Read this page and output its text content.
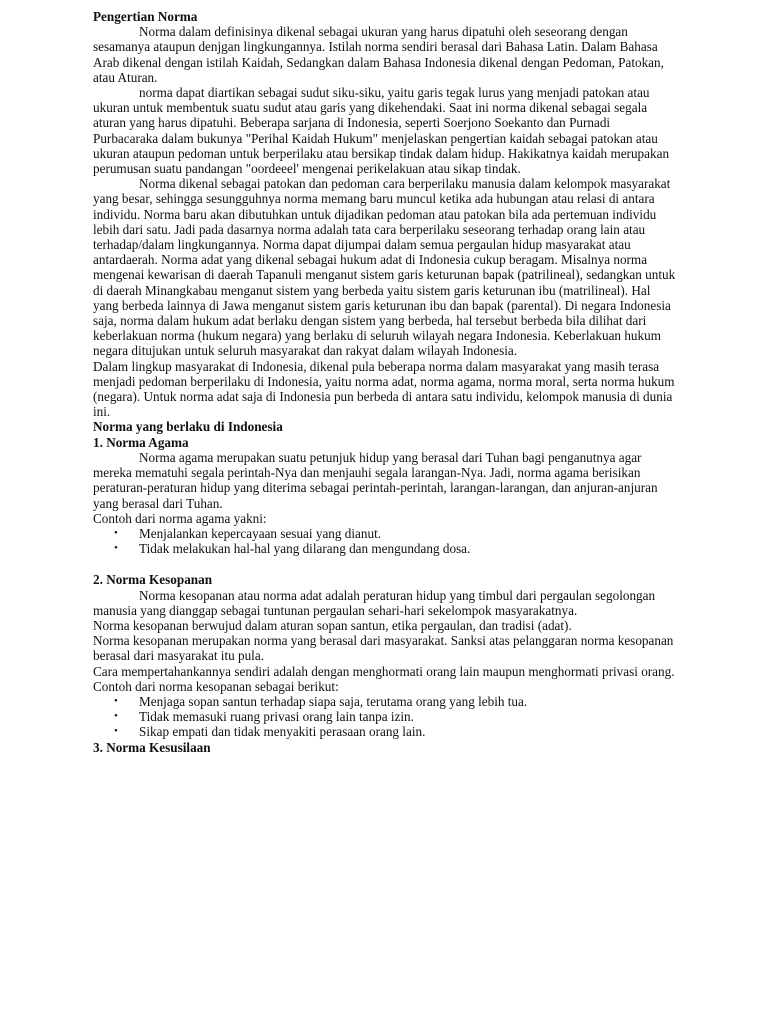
Pengertian Norma

Norma dalam definisinya dikenal sebagai ukuran yang harus dipatuhi oleh seseorang dengan sesamanya ataupun denjgan lingkungannya. Istilah norma sendiri berasal dari Bahasa Latin. Dalam Bahasa Arab dikenal dengan istilah Kaidah, Sedangkan dalam Bahasa Indonesia dikenal dengan Pedoman, Patokan, atau Aturan.

norma dapat diartikan sebagai sudut siku-siku, yaitu garis tegak lurus yang menjadi patokan atau ukuran untuk membentuk suatu sudut atau garis yang dikehendaki. Saat ini norma dikenal sebagai segala aturan yang harus dipatuhi. Beberapa sarjana di Indonesia, seperti Soerjono Soekanto dan Purnadi Purbacaraka dalam bukunya "Perihal Kaidah Hukum" menjelaskan pengertian kaidah sebagai patokan atau ukuran ataupun pedoman untuk berperilaku atau bersikap tindak dalam hidup. Hakikatnya kaidah merupakan perumusan suatu pandangan "oordeeel' mengenai perikelakuan atau sikap tindak.

Norma dikenal sebagai patokan dan pedoman cara berperilaku manusia dalam kelompok masyarakat yang besar, sehingga sesungguhnya norma memang baru muncul ketika ada hubungan atau relasi di antara individu. Norma baru akan dibutuhkan untuk dijadikan pedoman atau patokan bila ada pertemuan individu lebih dari satu. Jadi pada dasarnya norma adalah tata cara berperilaku seseorang terhadap orang lain atau terhadap/dalam lingkungannya. Norma dapat dijumpai dalam semua pergaulan hidup masyarakat atau antardaerah. Norma adat yang dikenal sebagai hukum adat di Indonesia cukup beragam. Misalnya norma mengenai kewarisan di daerah Tapanuli menganut sistem garis keturunan bapak (patrilineal), sedangkan untuk di daerah Minangkabau menganut sistem yang berbeda yaitu sistem garis keturunan ibu (matrilineal). Hal yang berbeda lainnya di Jawa menganut sistem garis keturunan ibu dan bapak (parental). Di negara Indonesia saja, norma dalam hukum adat berlaku dengan sistem yang berbeda, hal tersebut berbeda bila dilihat dari keberlakuan norma (hukum negara) yang berlaku di seluruh wilayah negara Indonesia. Keberlakuan hukum negara ditujukan untuk seluruh masyarakat dan rakyat dalam wilayah Indonesia.

Dalam lingkup masyarakat di Indonesia, dikenal pula beberapa norma dalam masyarakat yang masih terasa menjadi pedoman berperilaku di Indonesia, yaitu norma adat, norma agama, norma moral, serta norma hukum (negara). Untuk norma adat saja di Indonesia pun berbeda di antara satu individu, kelompok manusia di dunia ini.

Norma yang berlaku di Indonesia
1. Norma Agama

Norma agama merupakan suatu petunjuk hidup yang berasal dari Tuhan bagi penganutnya agar mereka mematuhi segala perintah-Nya dan menjauhi segala larangan-Nya. Jadi, norma agama berisikan peraturan-peraturan hidup yang diterima sebagai perintah-perintah, larangan-larangan, dan anjuran-anjuran yang berasal dari Tuhan.

Contoh dari norma agama yakni:

• Menjalankan kepercayaan sesuai yang dianut.
• Tidak melakukan hal-hal yang dilarang dan mengundang dosa.
2. Norma Kesopanan

Norma kesopanan atau norma adat adalah peraturan hidup yang timbul dari pergaulan segolongan manusia yang dianggap sebagai tuntunan pergaulan sehari-hari sekelompok masyarakatnya.

Norma kesopanan berwujud dalam aturan sopan santun, etika pergaulan, dan tradisi (adat).

Norma kesopanan merupakan norma yang berasal dari masyarakat. Sanksi atas pelanggaran norma kesopanan berasal dari masyarakat itu pula.

Cara mempertahankannya sendiri adalah dengan menghormati orang lain maupun menghormati privasi orang.

Contoh dari norma kesopanan sebagai berikut:

• Menjaga sopan santun terhadap siapa saja, terutama orang yang lebih tua.
• Tidak memasuki ruang privasi orang lain tanpa izin.
• Sikap empati dan tidak menyakiti perasaan orang lain.
3. Norma Kesusilaan
